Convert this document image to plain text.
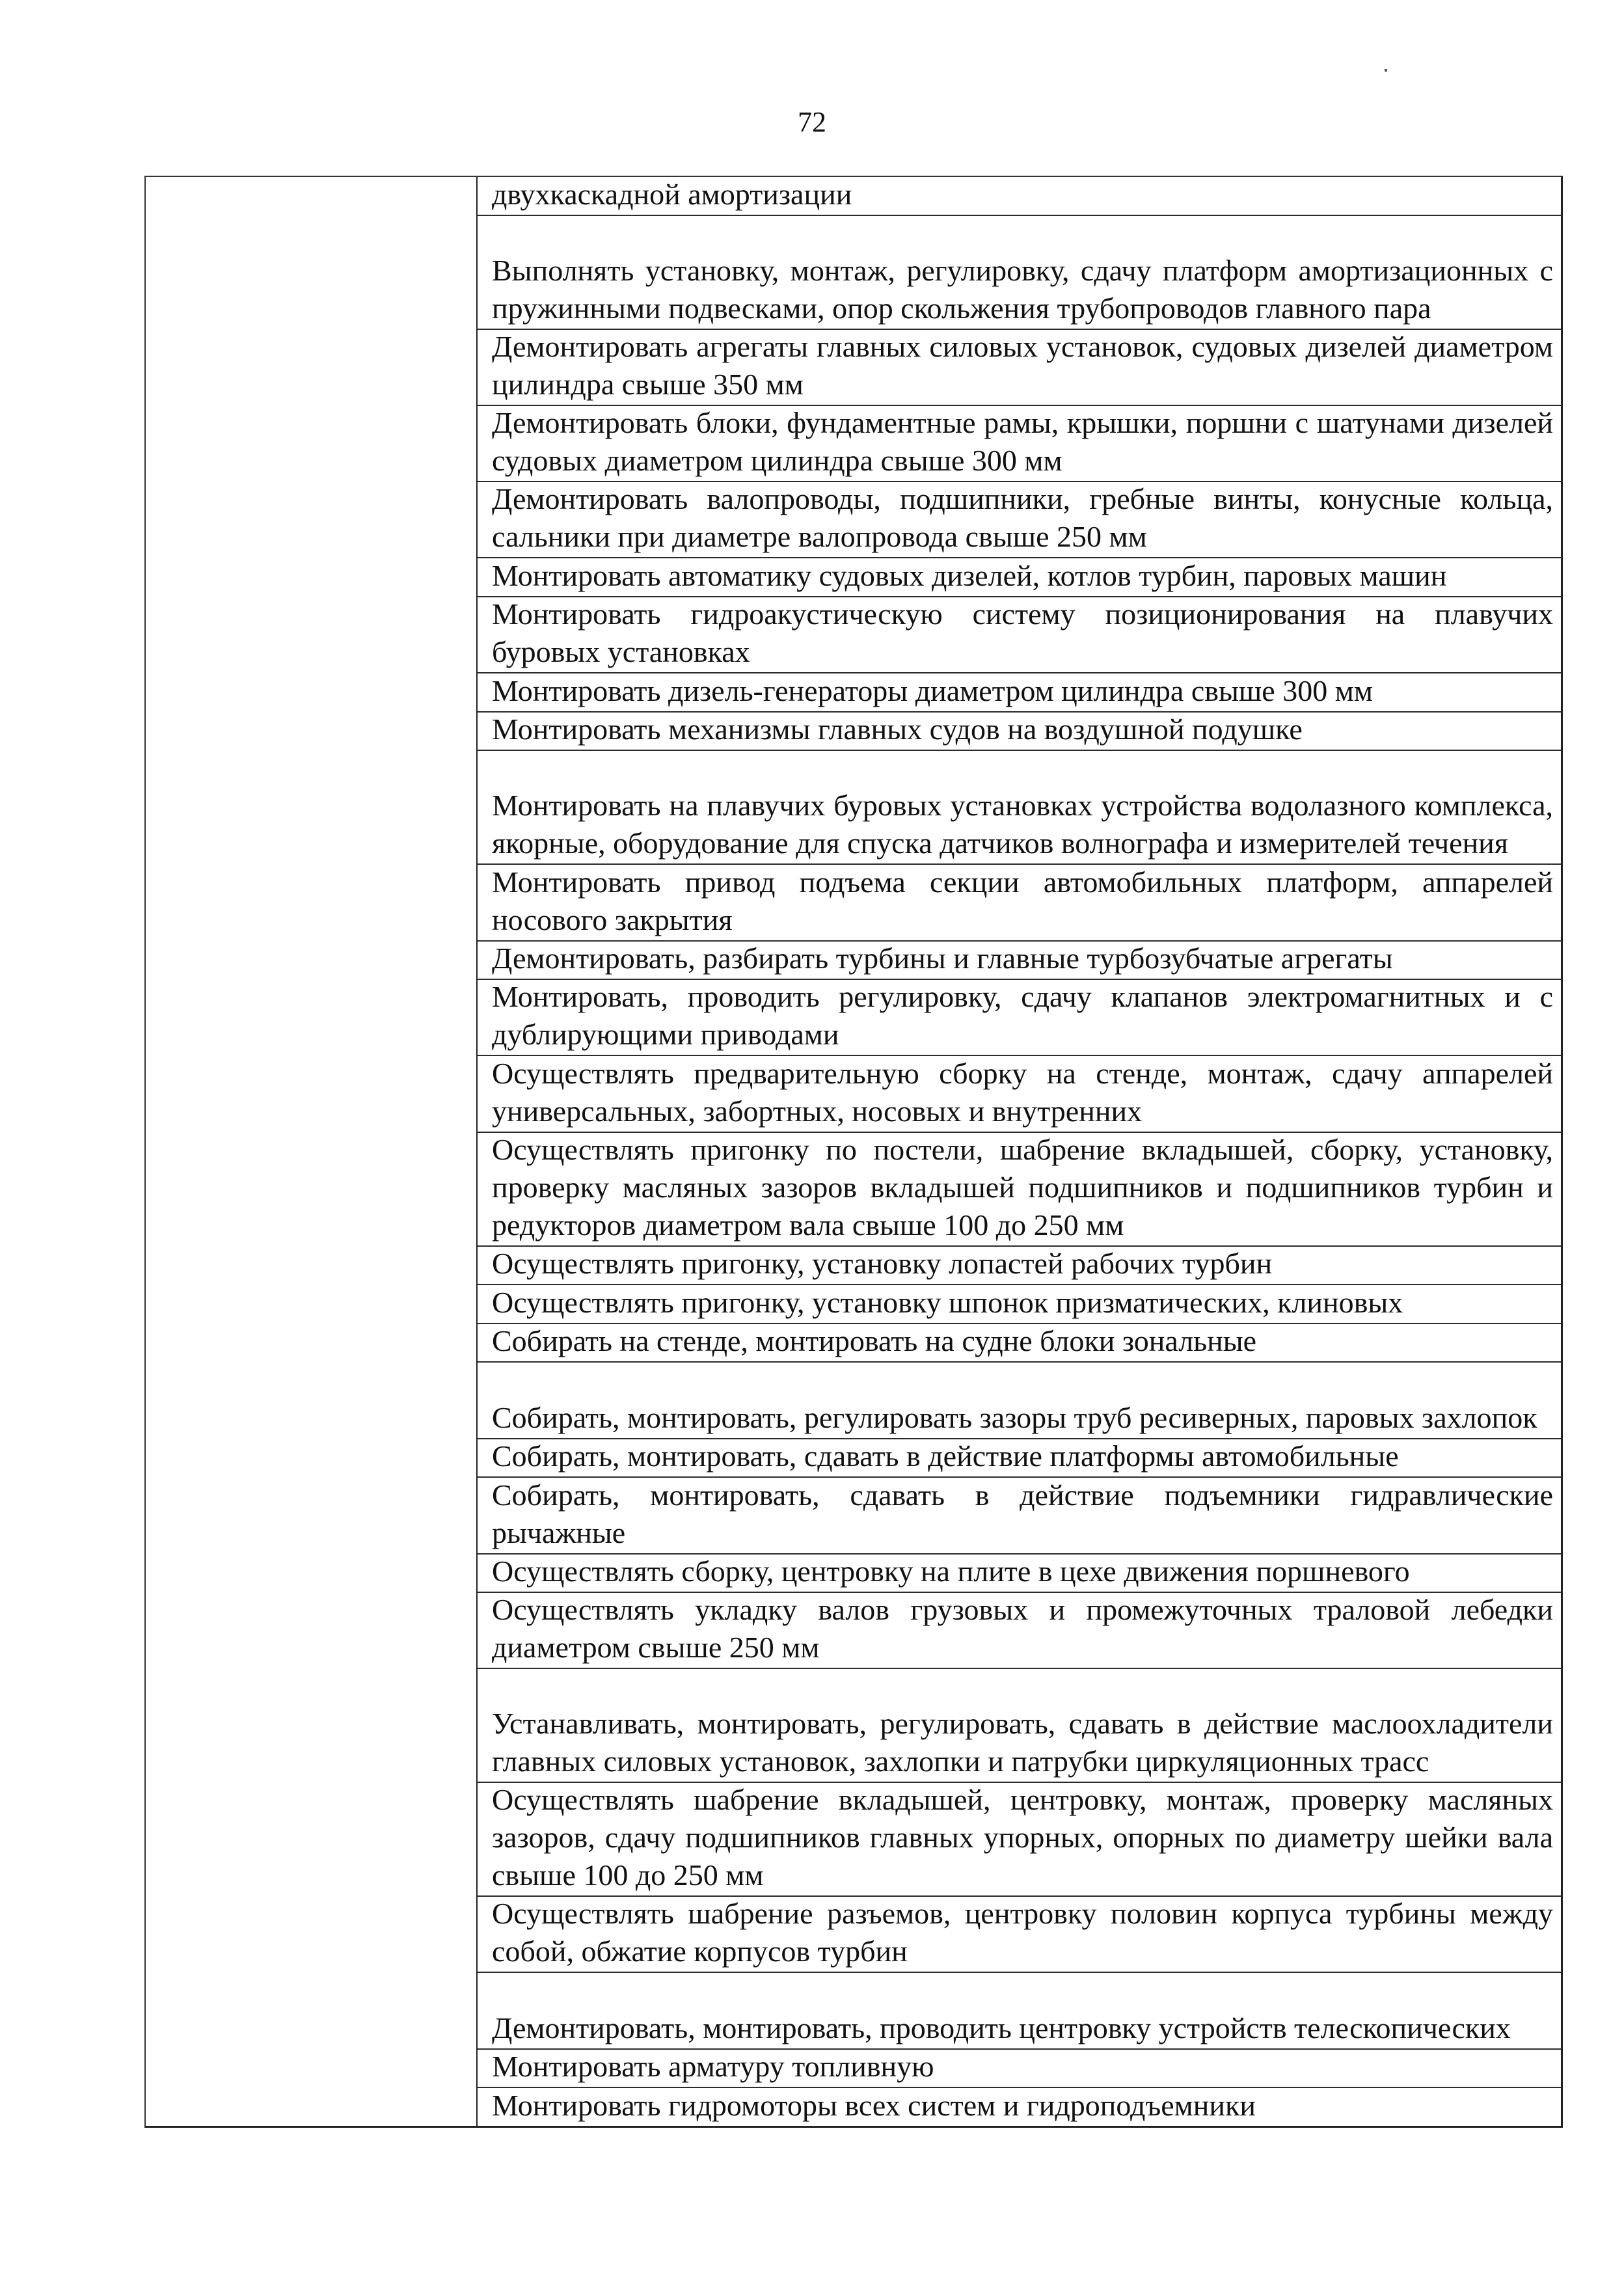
72
двухкаскадной амортизации
Выполнять установку, монтаж, регулировку, сдачу платформ амортизационных с пружинными подвесками, опор скольжения трубопроводов главного пара
Демонтировать агрегаты главных силовых установок, судовых дизелей диаметром цилиндра свыше 350 мм
Демонтировать блоки, фундаментные рамы, крышки, поршни с шатунами дизелей судовых диаметром цилиндра свыше 300 мм
Демонтировать валопроводы, подшипники, гребные винты, конусные кольца, сальники при диаметре валопровода свыше 250 мм
Монтировать автоматику судовых дизелей, котлов турбин, паровых машин
Монтировать гидроакустическую систему позиционирования на плавучих буровых установках
Монтировать дизель-генераторы диаметром цилиндра свыше 300 мм
Монтировать механизмы главных судов на воздушной подушке
Монтировать на плавучих буровых установках устройства водолазного комплекса, якорные, оборудование для спуска датчиков волнографа и измерителей течения
Монтировать привод подъема секции автомобильных платформ, аппарелей носового закрытия
Демонтировать, разбирать турбины и главные турбозубчатые агрегаты
Монтировать, проводить регулировку, сдачу клапанов электромагнитных и с дублирующими приводами
Осуществлять предварительную сборку на стенде, монтаж, сдачу аппарелей универсальных, забортных, носовых и внутренних
Осуществлять пригонку по постели, шабрение вкладышей, сборку, установку, проверку масляных зазоров вкладышей подшипников и подшипников турбин и редукторов диаметром вала свыше 100 до 250 мм
Осуществлять пригонку, установку лопастей рабочих турбин
Осуществлять пригонку, установку шпонок призматических, клиновых
Собирать на стенде, монтировать на судне блоки зональные
Собирать, монтировать, регулировать зазоры труб ресиверных, паровых захлопок
Собирать, монтировать, сдавать в действие платформы автомобильные
Собирать, монтировать, сдавать в действие подъемники гидравлические рычажные
Осуществлять сборку, центровку на плите в цехе движения поршневого
Осуществлять укладку валов грузовых и промежуточных траловой лебедки диаметром свыше 250 мм
Устанавливать, монтировать, регулировать, сдавать в действие маслоохладители главных силовых установок, захлопки и патрубки циркуляционных трасс
Осуществлять шабрение вкладышей, центровку, монтаж, проверку масляных зазоров, сдачу подшипников главных упорных, опорных по диаметру шейки вала свыше 100 до 250 мм
Осуществлять шабрение разъемов, центровку половин корпуса турбины между собой, обжатие корпусов турбин
Демонтировать, монтировать, проводить центровку устройств телескопических
Монтировать арматуру топливную
Монтировать гидромоторы всех систем и гидроподъемники
